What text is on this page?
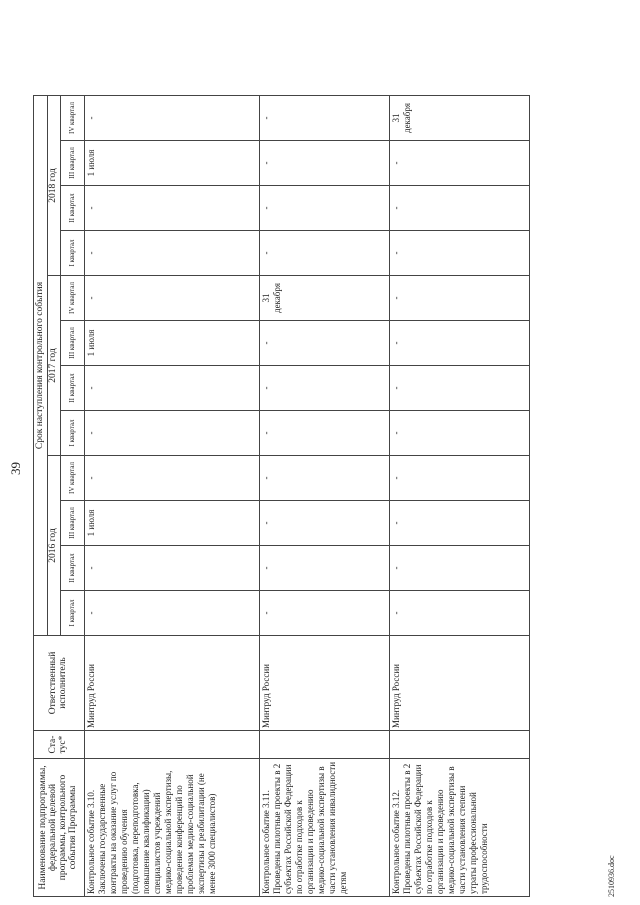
39
Наименование подпрограммы, федеральной целевой программы, контрольного события Программы	Ста-тус*	Ответственный исполнитель	Срок наступления контрольного события											
			2016 год				2017 год				2018 год			
			I квартал	II квартал	III квартал	IV квартал	I квартал	II квартал	III квартал	IV квартал	I квартал	II квартал	III квартал	IV квартал
Контрольное событие 3.10. Заключены государственные контракты на оказание услуг по проведению обучения (подготовка, переподготовка, повышение квалификации) специалистов учреждений медико-социальной экспертизы, проведение конференций по проблемам медико-социальной экспертизы и реабилитации (не менее 3000 специалистов)		Минтруд России	-	-	1 июля	-	-	-	1 июля	-	-	-	1 июля	-
Контрольное событие 3.11. Проведены пилотные проекты в 2 субъектах Российской Федерации по отработке подходов к организации и проведению медико-социальной экспертизы в части установления инвалидности детям		Минтруд России	-	-	-	-	-	-	-	31 декабря	-	-	-	-
Контрольное событие 3.12. Проведены пилотные проекты в 2 субъектах Российской Федерации по отработке подходов к организации и проведению медико-социальной экспертизы в части установления степени утраты профессиональной трудоспособности		Минтруд России	-	-	-	-	-	-	-	-	-	-	-	31 декабря
2510936.doc
